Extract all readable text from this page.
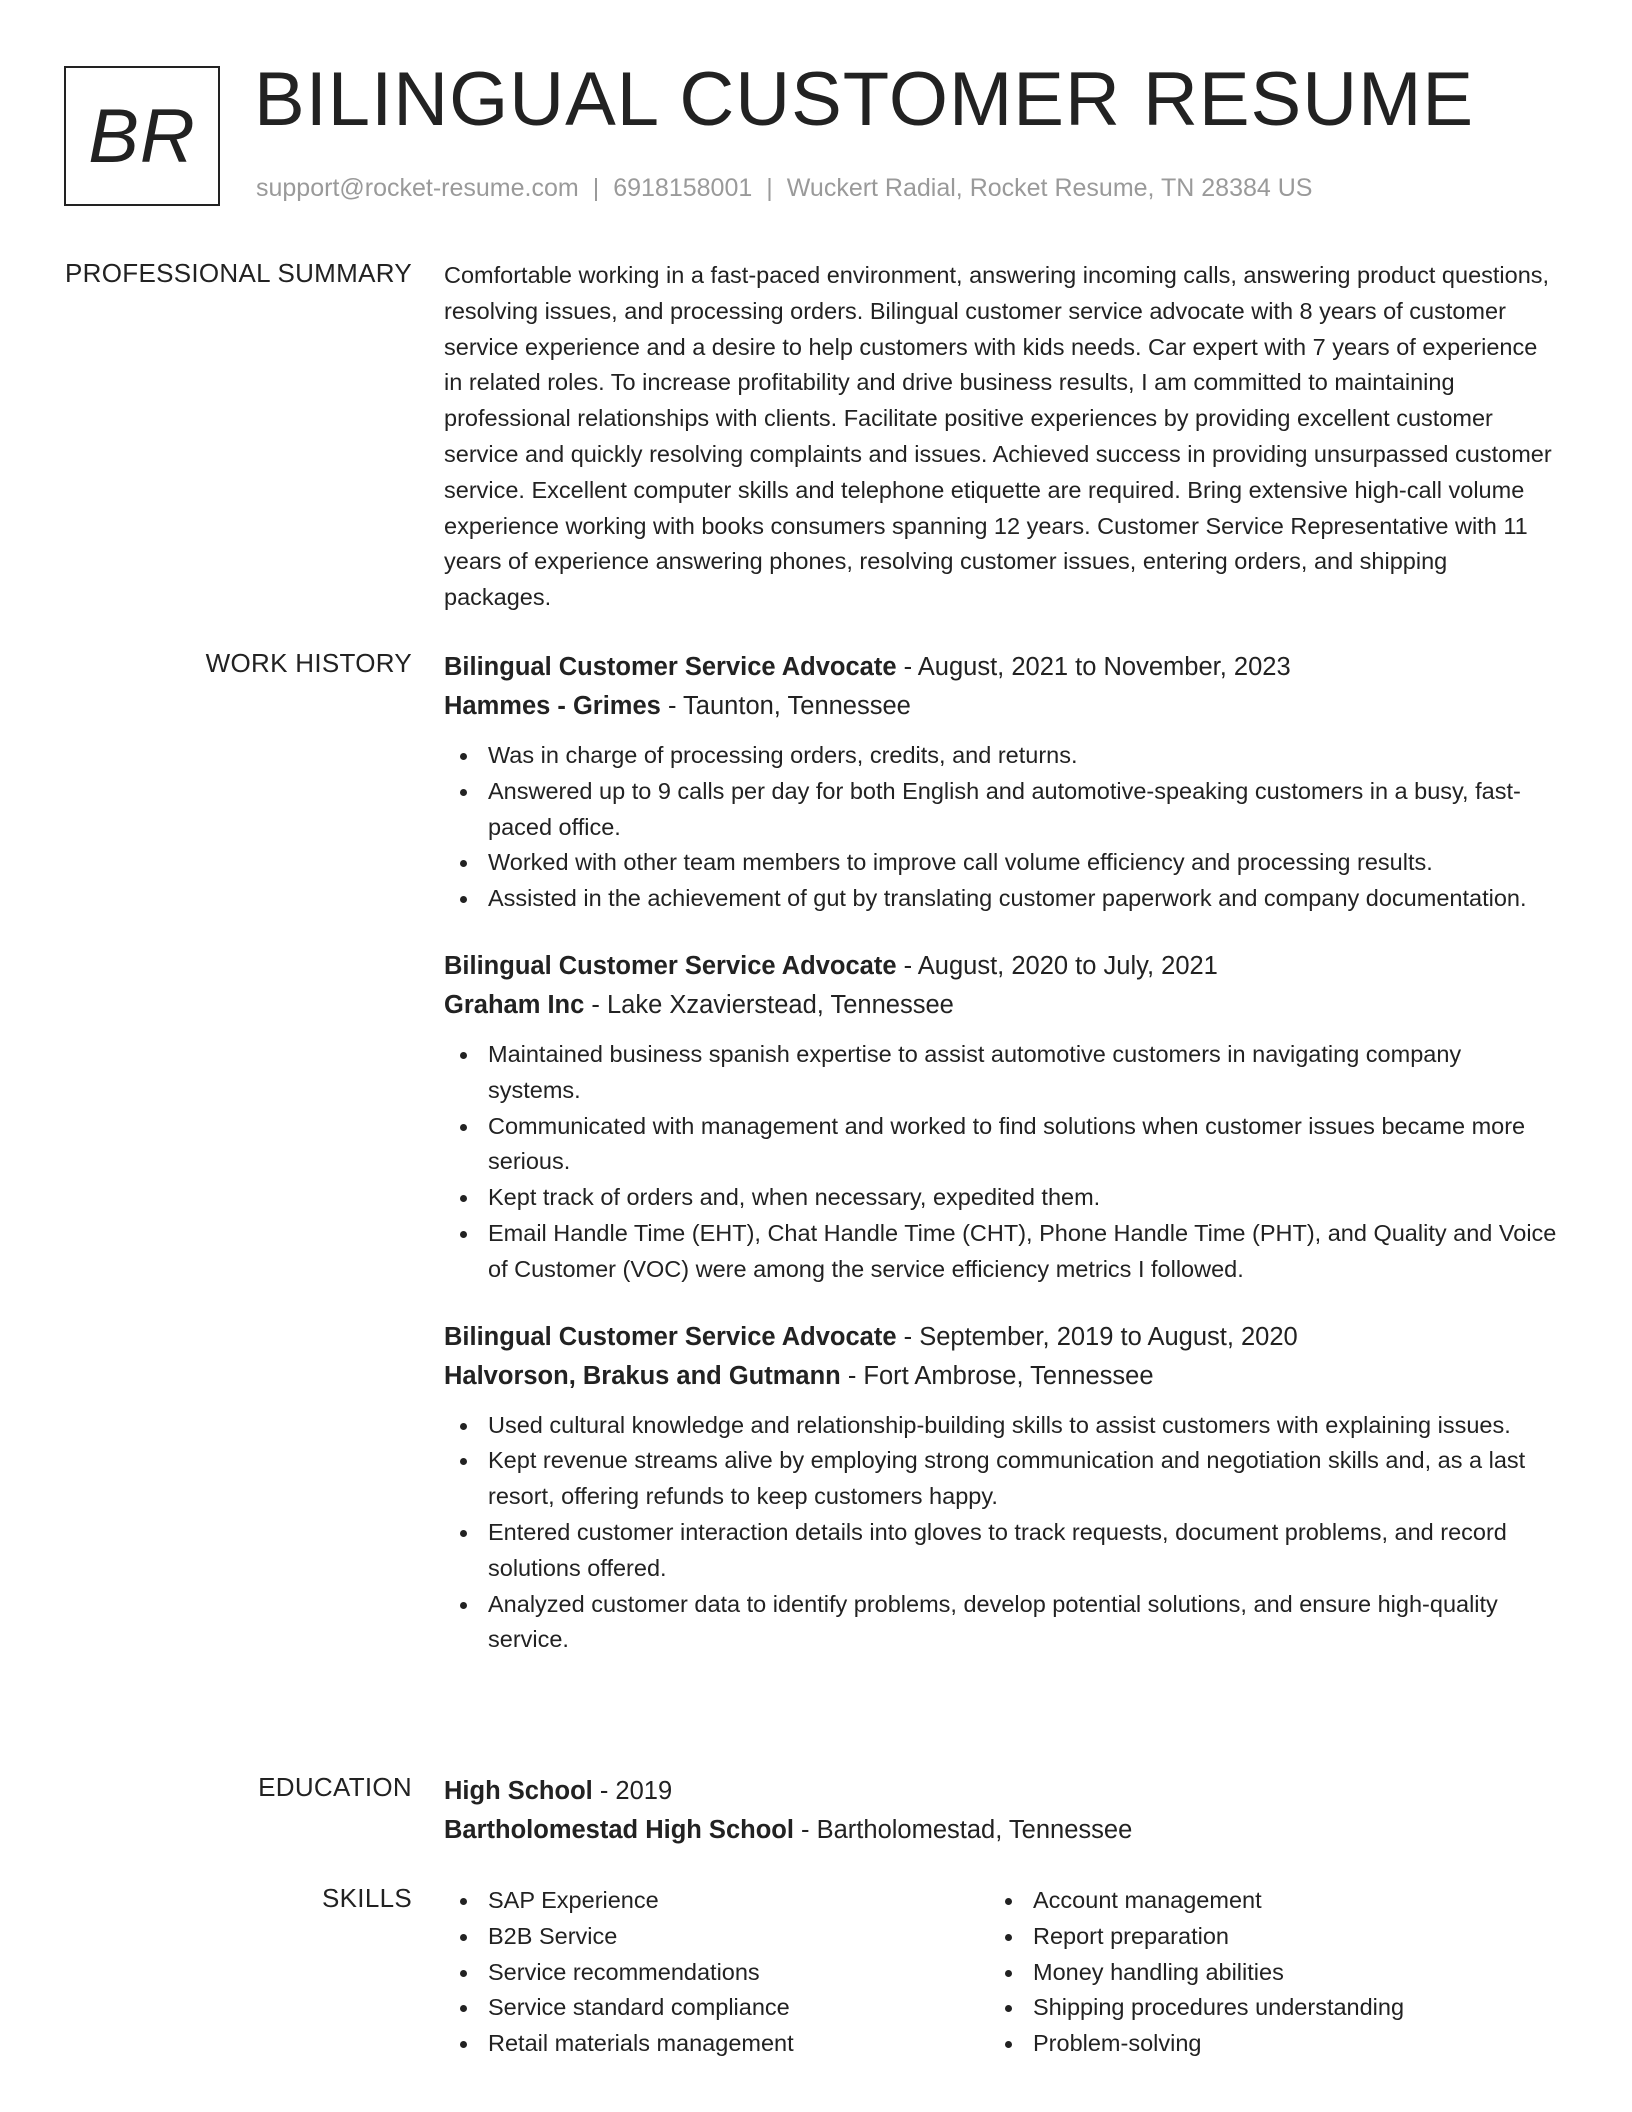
BR BILINGUAL CUSTOMER RESUME
support@rocket-resume.com | 6918158001 | Wuckert Radial, Rocket Resume, TN 28384 US
PROFESSIONAL SUMMARY Comfortable working in a fast-paced environment, answering incoming calls, answering product questions, resolving issues, and processing orders. Bilingual customer service advocate with 8 years of customer service experience and a desire to help customers with kids needs. Car expert with 7 years of experience in related roles. To increase profitability and drive business results, I am committed to maintaining professional relationships with clients. Facilitate positive experiences by providing excellent customer service and quickly resolving complaints and issues. Achieved success in providing unsurpassed customer service. Excellent computer skills and telephone etiquette are required. Bring extensive high-call volume experience working with books consumers spanning 12 years. Customer Service Representative with 11 years of experience answering phones, resolving customer issues, entering orders, and shipping packages.

WORK HISTORY Bilingual Customer Service Advocate - August, 2021 to November, 2023
Hammes - Grimes - Taunton, Tennessee
Was in charge of processing orders, credits, and returns.
Answered up to 9 calls per day for both English and automotive-speaking customers in a busy, fast-paced office.
Worked with other team members to improve call volume efficiency and processing results.
Assisted in the achievement of gut by translating customer paperwork and company documentation.
Bilingual Customer Service Advocate - August, 2020 to July, 2021
Graham Inc - Lake Xzavierstead, Tennessee
Maintained business spanish expertise to assist automotive customers in navigating company systems.
Communicated with management and worked to find solutions when customer issues became more serious.
Kept track of orders and, when necessary, expedited them.
Email Handle Time (EHT), Chat Handle Time (CHT), Phone Handle Time (PHT), and Quality and Voice of Customer (VOC) were among the service efficiency metrics I followed.
Bilingual Customer Service Advocate - September, 2019 to August, 2020
Halvorson, Brakus and Gutmann - Fort Ambrose, Tennessee
Used cultural knowledge and relationship-building skills to assist customers with explaining issues.
Kept revenue streams alive by employing strong communication and negotiation skills and, as a last resort, offering refunds to keep customers happy.
Entered customer interaction details into gloves to track requests, document problems, and record solutions offered.
Analyzed customer data to identify problems, develop potential solutions, and ensure high-quality service.
EDUCATION High School - 2019
Bartholomestad High School - Bartholomestad, Tennessee
SKILLS	SAP Experience
B2B Service
Service recommendations
Service standard compliance
Retail materials management
Account management
Report preparation
Money handling abilities
Shipping procedures understanding
Problem-solving
